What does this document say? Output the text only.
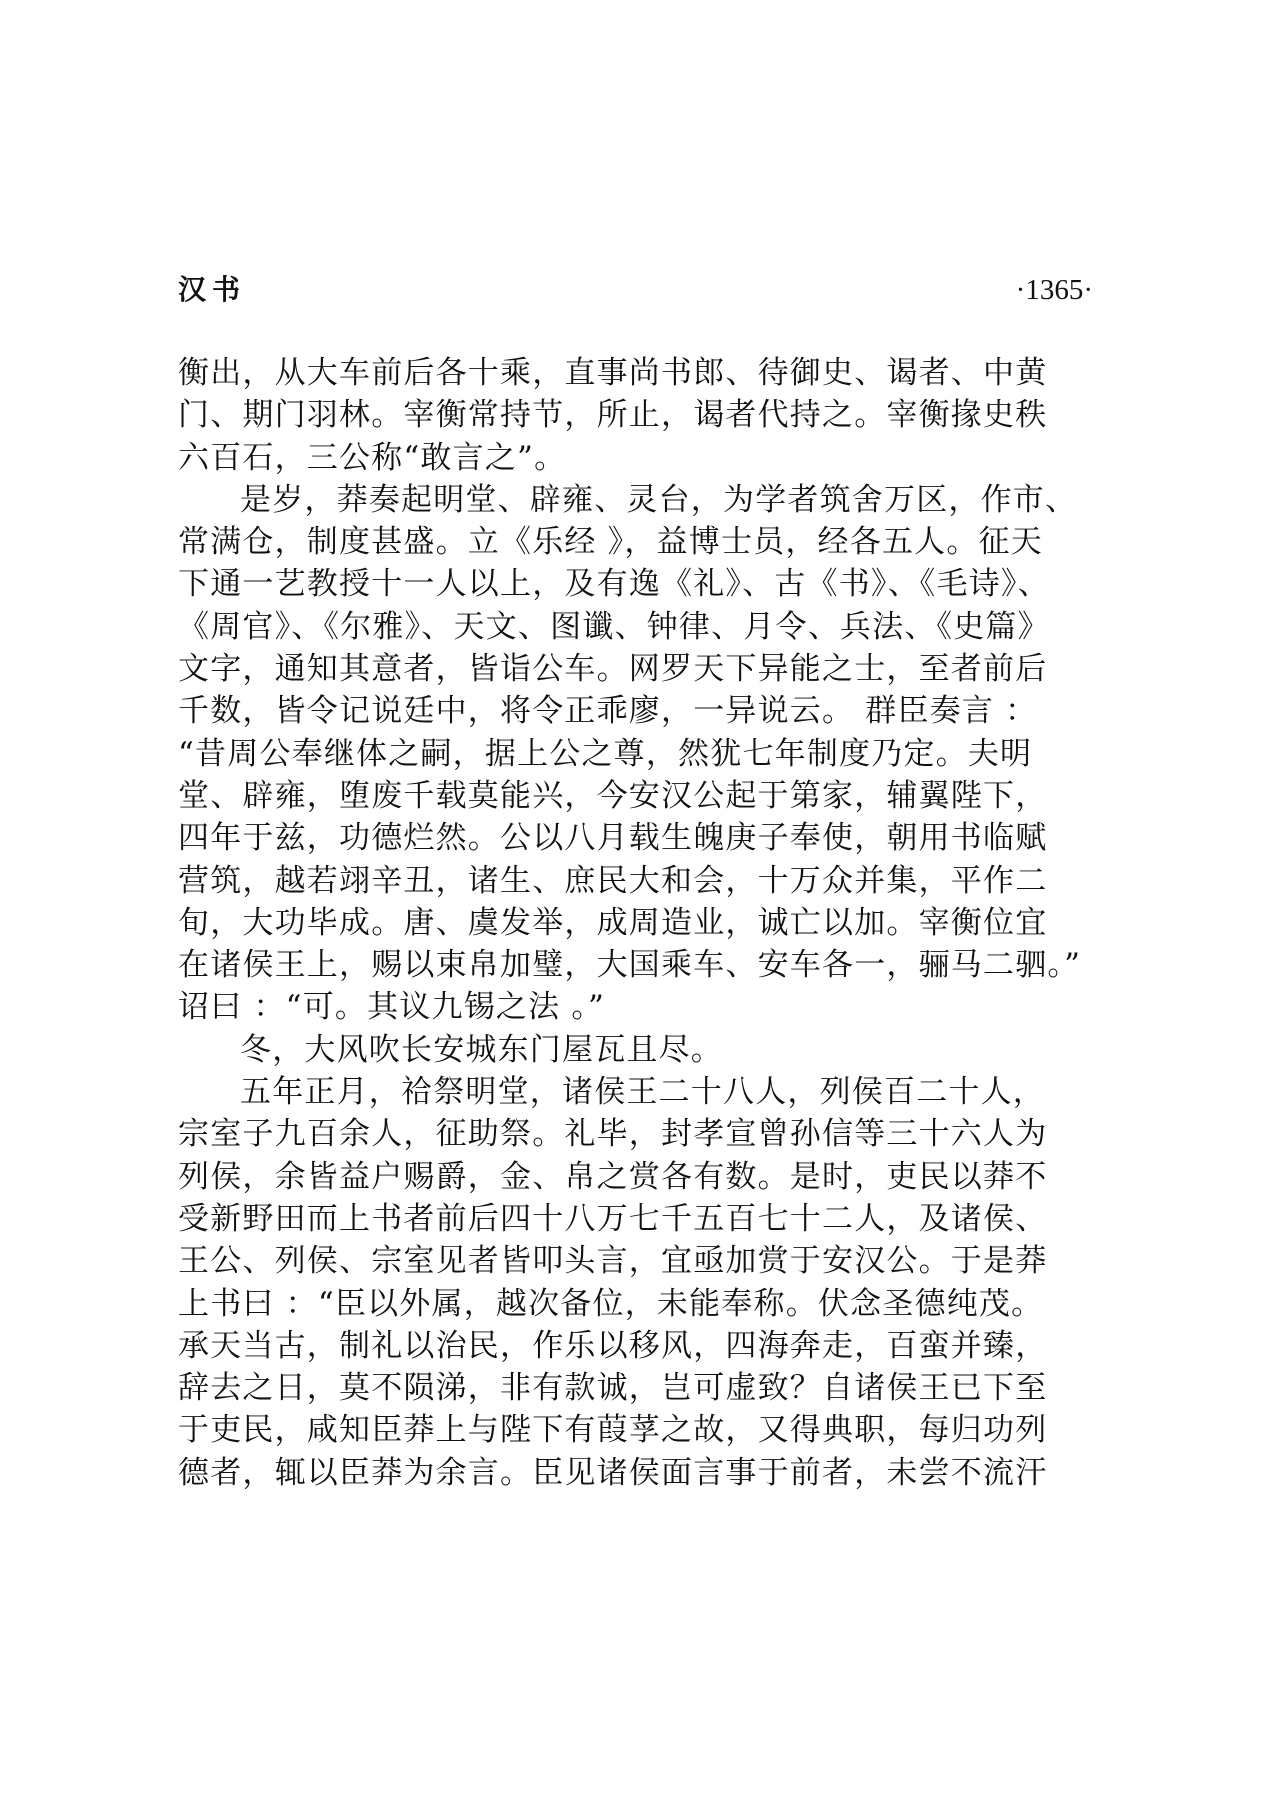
汉书	·1365·
衡出，从大车前后各十乘，直事尚书郎、待御史、谒者、中黄
门、期门羽林。宰衡常持节，所止，谒者代持之。宰衡掾史秩
六百石，三公称“敢言之”。
是岁，莽奏起明堂、辟雍、灵台，为学者筑舍万区，作市、
常满仓，制度甚盛。立《乐经 》，益博士员，经各五人。征天
下通一艺教授十一人以上，及有逸《礼》、古《书》、《毛诗》、
《周官》、《尔雅》、天文、图谶、钟律、月令、兵法、《史篇》
文字，通知其意者，皆诣公车。网罗天下异能之士，至者前后
千数，皆令记说廷中，将令正乖廖，一异说云。 群臣奏言 ：
“昔周公奉继体之嗣，据上公之尊，然犹七年制度乃定。夫明
堂、辟雍，堕废千载莫能兴，今安汉公起于第家，辅翼陛下，
四年于兹，功德烂然。公以八月载生魄庚子奉使，朝用书临赋
营筑，越若翊辛丑，诸生、庶民大和会，十万众并集，平作二
旬，大功毕成。唐、虞发举，成周造业，诚亡以加。宰衡位宜
在诸侯王上，赐以束帛加璧，大国乘车、安车各一，骊马二驷。”
诏曰 ：“可。其议九锡之法 。”
冬，大风吹长安城东门屋瓦且尽。
五年正月，祫祭明堂，诸侯王二十八人，列侯百二十人，
宗室子九百余人，征助祭。礼毕，封孝宣曾孙信等三十六人为
列侯，余皆益户赐爵，金、帛之赏各有数。是时，吏民以莽不
受新野田而上书者前后四十八万七千五百七十二人，及诸侯、
王公、列侯、宗室见者皆叩头言，宜亟加赏于安汉公。于是莽
上书曰 ：“臣以外属，越次备位，未能奉称。伏念圣德纯茂。
承天当古，制礼以治民，作乐以移风，四海奔走，百蛮并臻，
辞去之日，莫不陨涕，非有款诚，岂可虚致？自诸侯王已下至
于吏民，咸知臣莽上与陛下有葭莩之故，又得典职，每归功列
德者，辄以臣莽为余言。臣见诸侯面言事于前者，未尝不流汗
